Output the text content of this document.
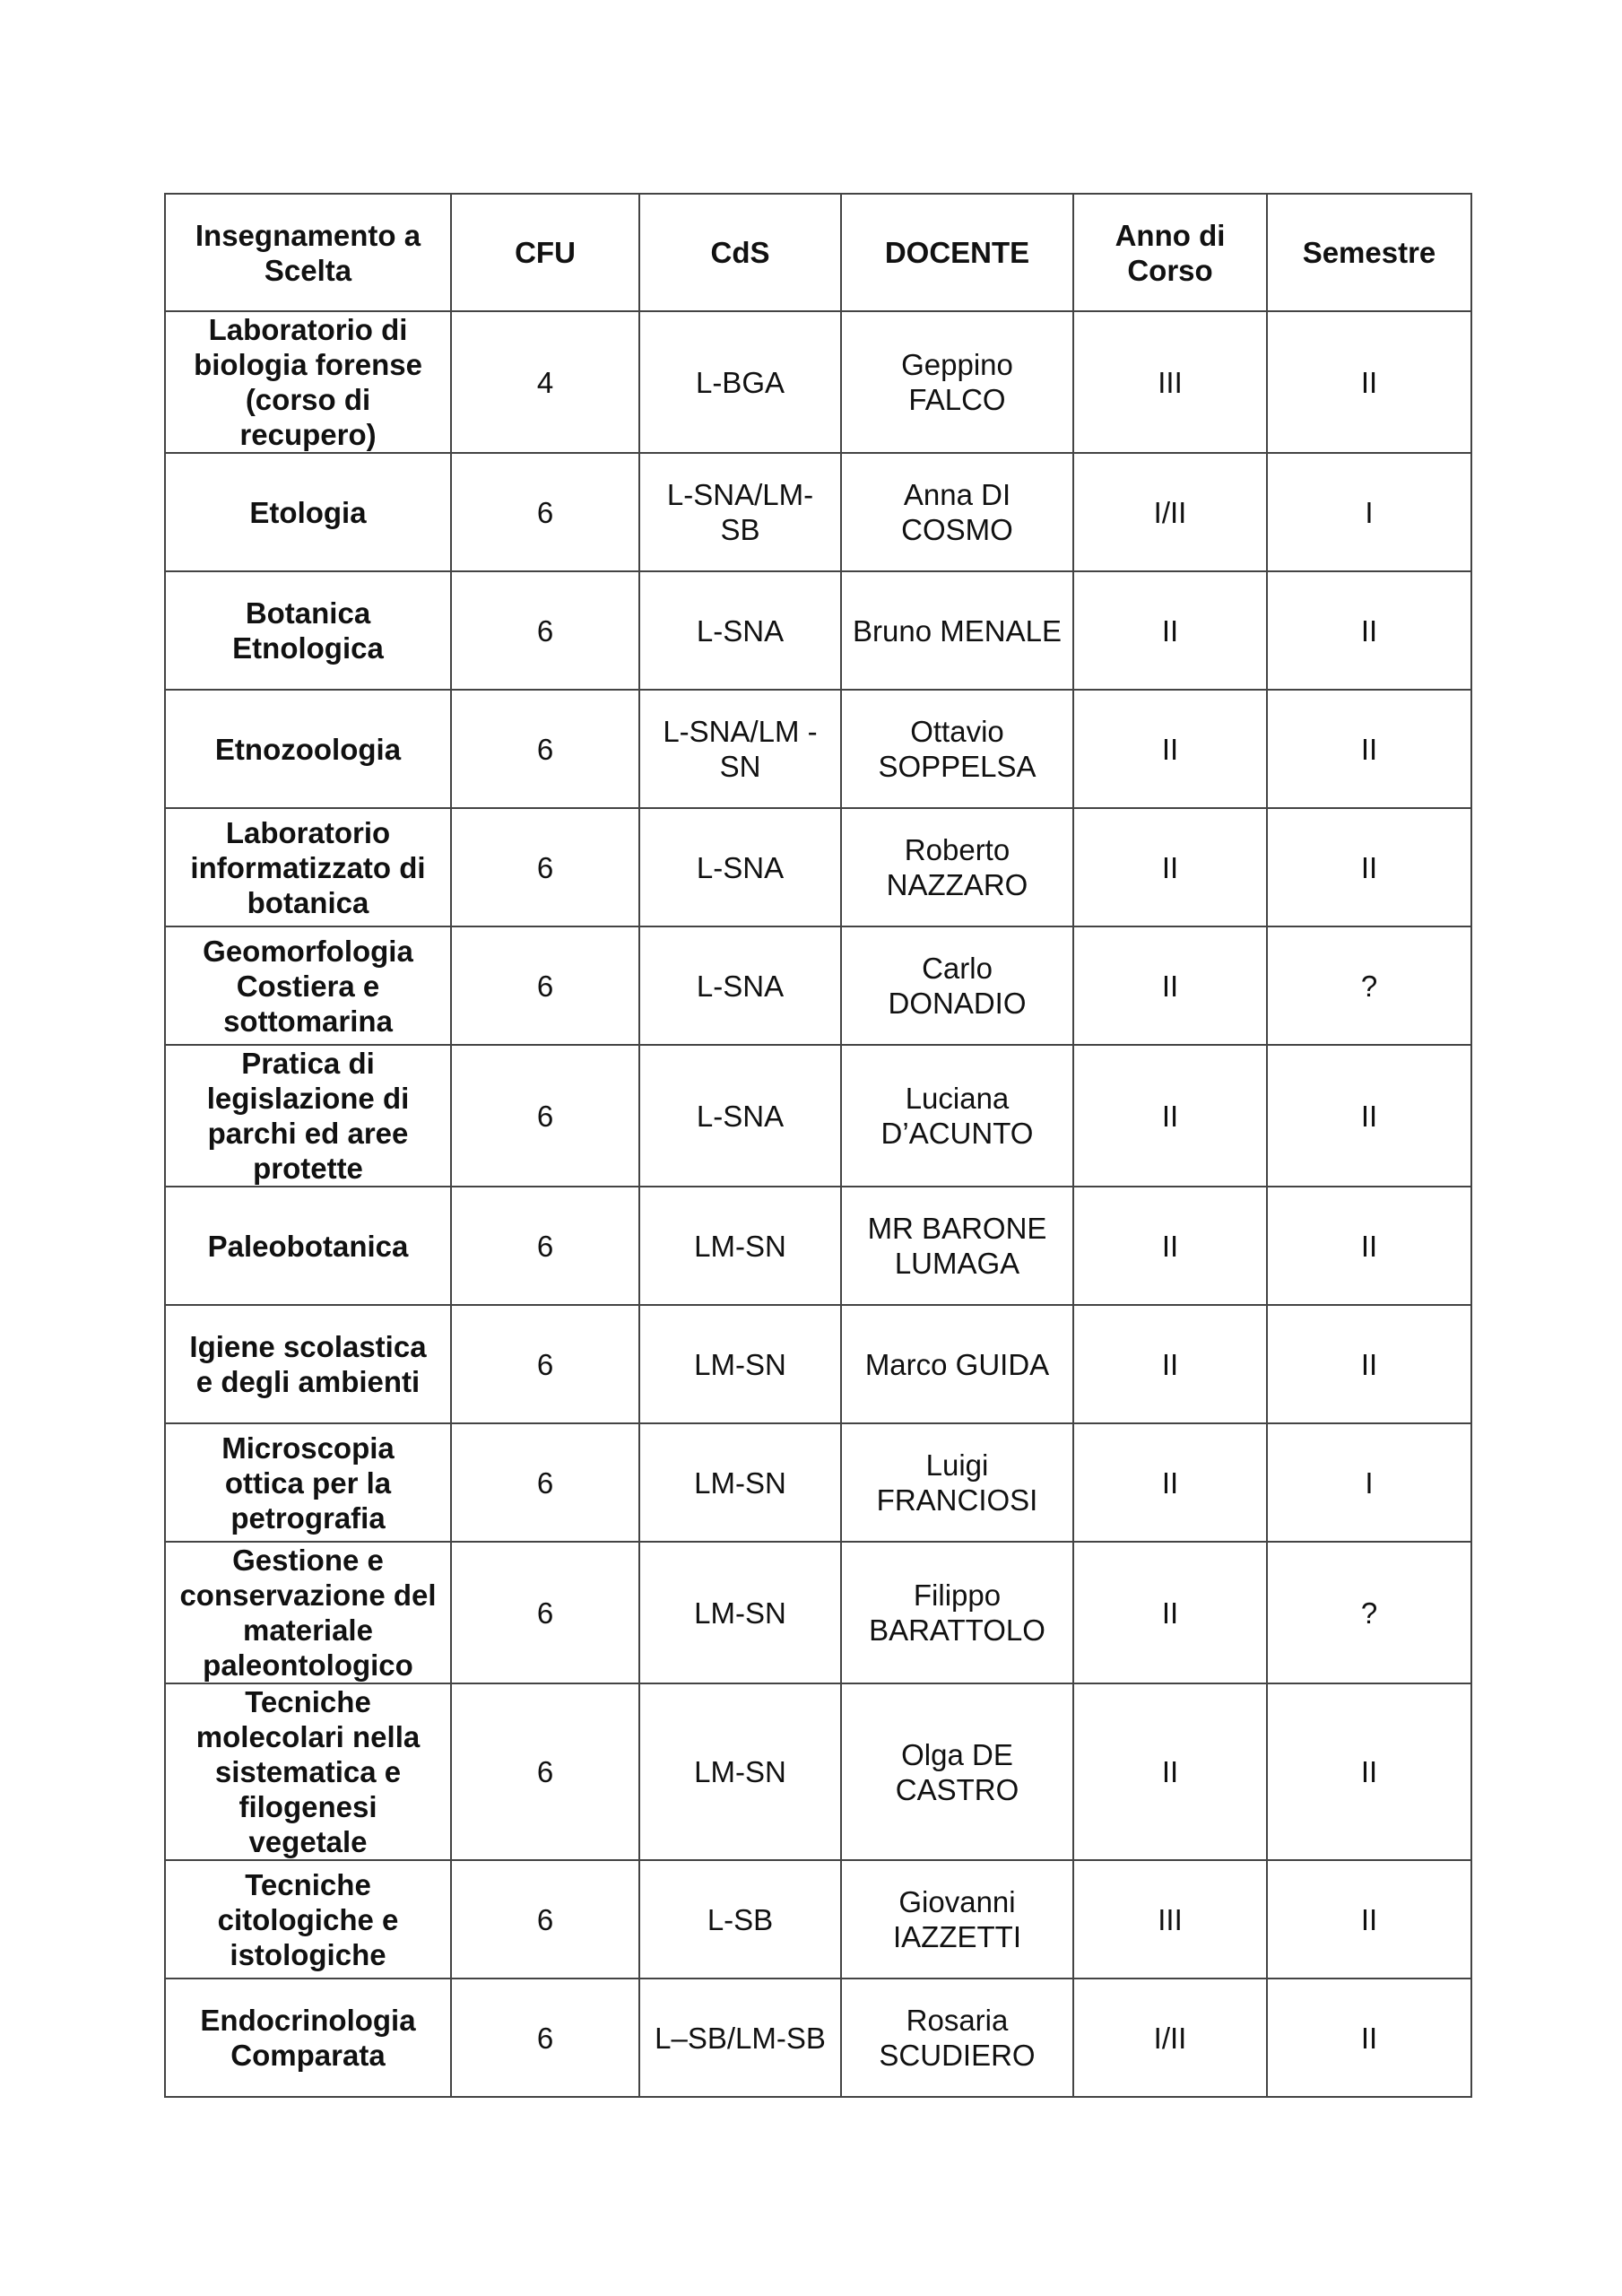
Insegnamento a Scelta	CFU	CdS	DOCENTE	Anno di Corso	Semestre
Laboratorio di biologia forense (corso di recupero)	4	L-BGA	Geppino FALCO	III	II
Etologia	6	L-SNA/LM-SB	Anna DI COSMO	I/II	I
Botanica Etnologica	6	L-SNA	Bruno MENALE	II	II
Etnozoologia	6	L-SNA/LM -SN	Ottavio SOPPELSA	II	II
Laboratorio informatizzato di botanica	6	L-SNA	Roberto NAZZARO	II	II
Geomorfologia Costiera e sottomarina	6	L-SNA	Carlo DONADIO	II	?
Pratica di legislazione di parchi ed aree protette	6	L-SNA	Luciana D’ACUNTO	II	II
Paleobotanica	6	LM-SN	MR BARONE LUMAGA	II	II
Igiene scolastica e degli ambienti	6	LM-SN	Marco GUIDA	II	II
Microscopia ottica per la petrografia	6	LM-SN	Luigi FRANCIOSI	II	I
Gestione e conservazione del materiale paleontologico	6	LM-SN	Filippo BARATTOLO	II	?
Tecniche molecolari nella sistematica e filogenesi vegetale	6	LM-SN	Olga DE CASTRO	II	II
Tecniche citologiche e istologiche	6	L-SB	Giovanni IAZZETTI	III	II
Endocrinologia Comparata	6	L–SB/LM-SB	Rosaria SCUDIERO	I/II	II
